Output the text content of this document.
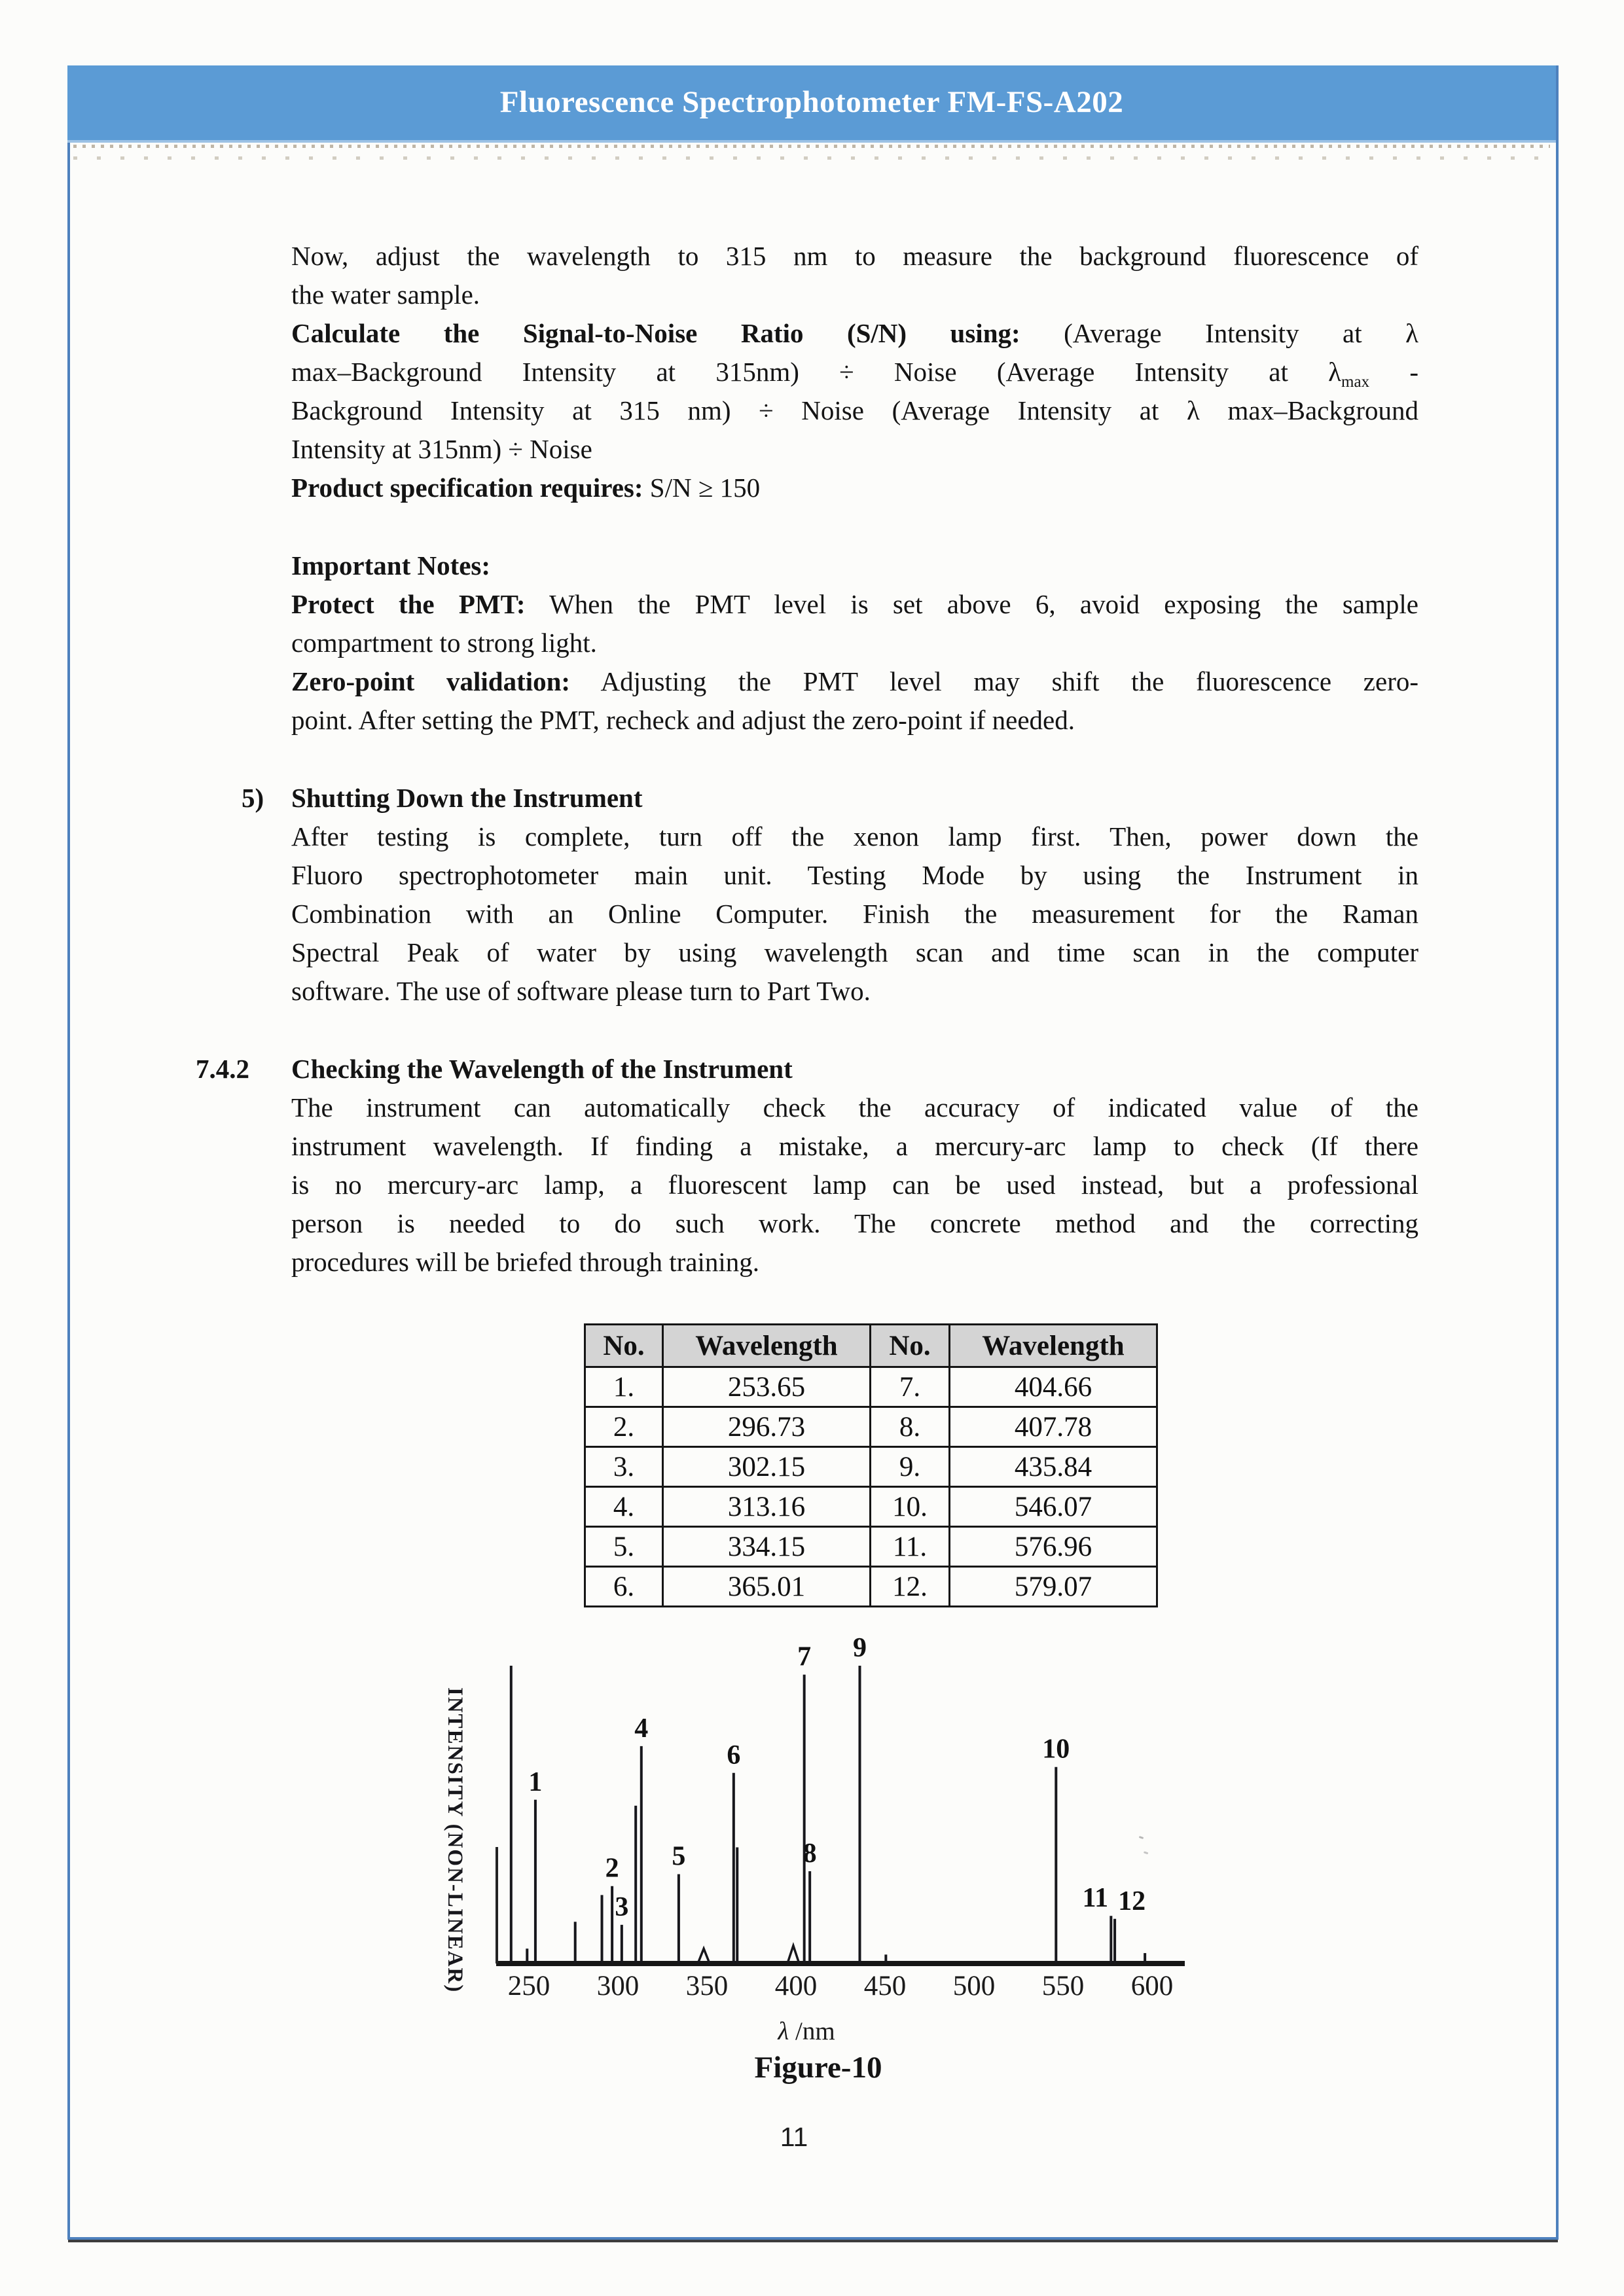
Fluorescence Spectrophotometer FM-FS-A202
Now, adjust the wavelength to 315 nm to measure the background fluorescence of
the water sample.
Calculate the Signal-to-Noise Ratio (S/N) using: (Average Intensity at λ
max–Background Intensity at 315nm) ÷ Noise (Average Intensity at $\lambda_{max}$ -
Background Intensity at 315 nm) ÷ Noise (Average Intensity at λ max–Background
Intensity at 315nm) ÷ Noise
Product specification requires: S/N ≥ 150
Important Notes:
Protect the PMT: When the PMT level is set above 6, avoid exposing the sample
compartment to strong light.
Zero-point validation: Adjusting the PMT level may shift the fluorescence zero-
point. After setting the PMT, recheck and adjust the zero-point if needed.
5) Shutting Down the Instrument
After testing is complete, turn off the xenon lamp first. Then, power down the
Fluoro spectrophotometer main unit. Testing Mode by using the Instrument in
Combination with an Online Computer. Finish the measurement for the Raman
Spectral Peak of water by using wavelength scan and time scan in the computer
software. The use of software please turn to Part Two.
7.4.2 Checking the Wavelength of the Instrument
The instrument can automatically check the accuracy of indicated value of the
instrument wavelength. If finding a mistake, a mercury-arc lamp to check (If there
is no mercury-arc lamp, a fluorescent lamp can be used instead, but a professional
person is needed to do such work. The concrete method and the correcting
procedures will be briefed through training.
No.	Wavelength	No.	Wavelength
1.	253.65	7.	404.66
2.	296.73	8.	407.78
3.	302.15	9.	435.84
4.	313.16	10.	546.07
5.	334.15	11.	576.96
6.	365.01	12.	579.07
INTENSITY (NON-LINEAR) 1
2
3
4
5
6
7
8
9
10
11 12
250 300 350 400 450 500 550 600
λ /nm
Figure-10
11
